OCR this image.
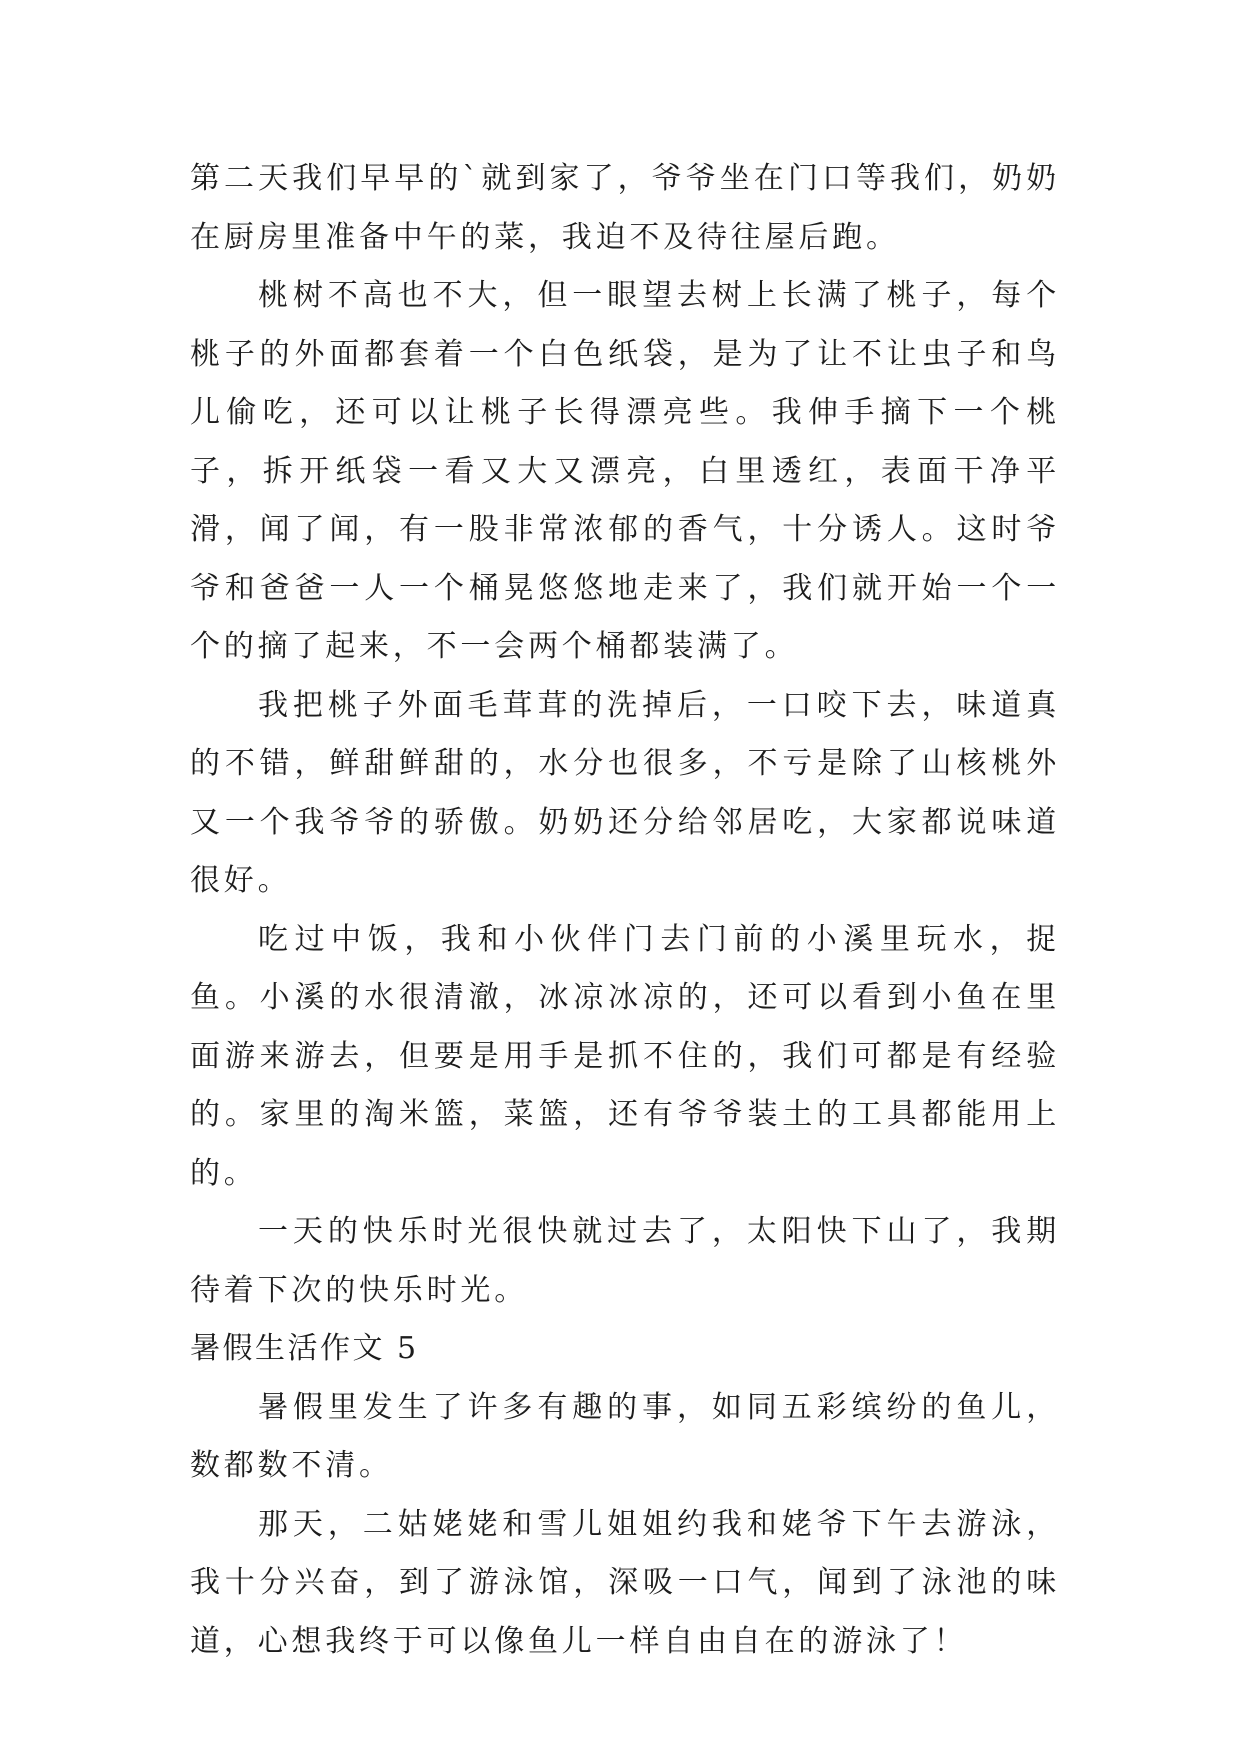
第二天我们早早的`就到家了，爷爷坐在门口等我们，奶奶在厨房里准备中午的菜，我迫不及待往屋后跑。

桃树不高也不大，但一眼望去树上长满了桃子，每个桃子的外面都套着一个白色纸袋，是为了让不让虫子和鸟儿偷吃，还可以让桃子长得漂亮些。我伸手摘下一个桃子，拆开纸袋一看又大又漂亮，白里透红，表面干净平滑，闻了闻，有一股非常浓郁的香气，十分诱人。这时爷爷和爸爸一人一个桶晃悠悠地走来了，我们就开始一个一个的摘了起来，不一会两个桶都装满了。

我把桃子外面毛茸茸的洗掉后，一口咬下去，味道真的不错，鲜甜鲜甜的，水分也很多，不亏是除了山核桃外又一个我爷爷的骄傲。奶奶还分给邻居吃，大家都说味道很好。

吃过中饭，我和小伙伴门去门前的小溪里玩水，捉鱼。小溪的水很清澈，冰凉冰凉的，还可以看到小鱼在里面游来游去，但要是用手是抓不住的，我们可都是有经验的。家里的淘米篮，菜篮，还有爷爷装土的工具都能用上的。

一天的快乐时光很快就过去了，太阳快下山了，我期待着下次的快乐时光。

暑假生活作文 5

暑假里发生了许多有趣的事，如同五彩缤纷的鱼儿，数都数不清。

那天，二姑姥姥和雪儿姐姐约我和姥爷下午去游泳，我十分兴奋，到了游泳馆，深吸一口气，闻到了泳池的味道，心想我终于可以像鱼儿一样自由自在的游泳了！
